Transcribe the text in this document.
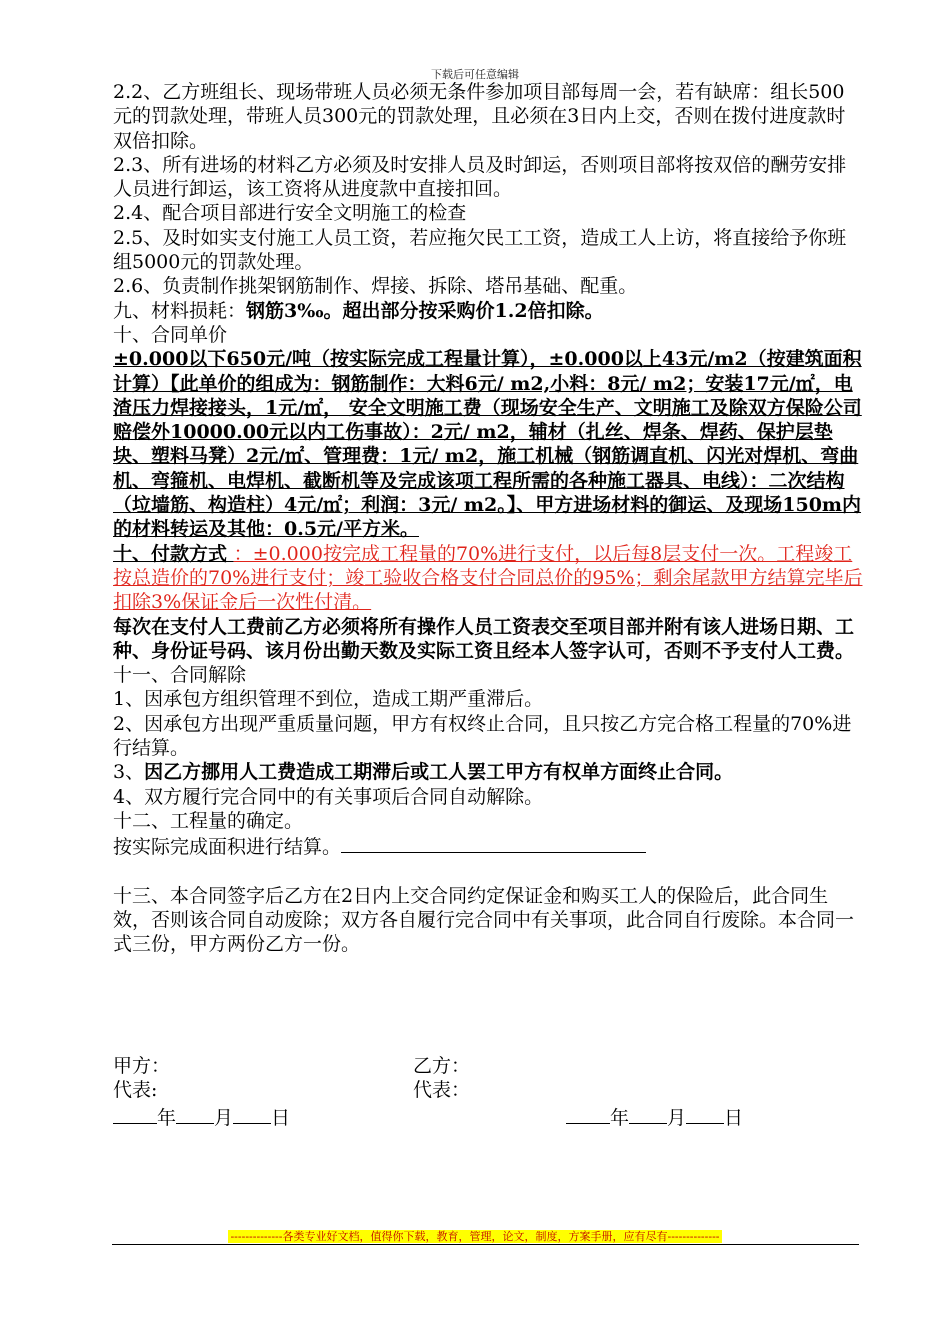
下载后可任意编辑

2.2、乙方班组长、现场带班人员必须无条件参加项目部每周一会，若有缺席：组长500元的罚款处理，带班人员300元的罚款处理，且必须在3日内上交，否则在拨付进度款时双倍扣除。

2.3、所有进场的材料乙方必须及时安排人员及时卸运，否则项目部将按双倍的酬劳安排人员进行卸运，该工资将从进度款中直接扣回。

2.4、配合项目部进行安全文明施工的检查

2.5、及时如实支付施工人员工资，若应拖欠民工工资，造成工人上访，将直接给予你班组5000元的罚款处理。

2.6、负责制作挑架钢筋制作、焊接、拆除、塔吊基础、配重。

九、材料损耗：钢筋3‰。超出部分按采购价1.2倍扣除。

十、合同单价

±0.000以下650元/吨（按实际完成工程量计算），±0.000以上43元/m2（按建筑面积计算）【此单价的组成为：钢筋制作：大料6元/ m2,小料：8元/ m2；安装17元/㎡，电渣压力焊接接头，1元/㎡， 安全文明施工费（现场安全生产、文明施工及除双方保险公司赔偿外10000.00元以内工伤事故）：2元/ m2，辅材（扎丝、焊条、焊药、保护层垫块、塑料马凳）2元/㎡、管理费：1元/ m2，施工机械（钢筋调直机、闪光对焊机、弯曲机、弯箍机、电焊机、截断机等及完成该项工程所需的各种施工器具、电线）：二次结构（垃墙筋、构造柱）4元/㎡；利润：3元/ m2。】、甲方进场材料的御运、及现场150m内的材料转运及其他：0.5元/平方米。

十、付款方式 ：±0.000按完成工程量的70%进行支付，以后每8层支付一次。工程竣工按总造价的70%进行支付；竣工验收合格支付合同总价的95%；剩余尾款甲方结算完毕后扣除3%保证金后一次性付清。

每次在支付人工费前乙方必须将所有操作人员工资表交至项目部并附有该人进场日期、工种、身份证号码、该月份出勤天数及实际工资且经本人签字认可，否则不予支付人工费。

十一、合同解除

1、因承包方组织管理不到位，造成工期严重滞后。

2、因承包方出现严重质量问题，甲方有权终止合同，且只按乙方完合格工程量的70%进行结算。

3、因乙方挪用人工费造成工期滞后或工人罢工甲方有权单方面终止合同。

4、双方履行完合同中的有关事项后合同自动解除。

十二、工程量的确定。

按实际完成面积进行结算。

十三、本合同签字后乙方在2日内上交合同约定保证金和购买工人的保险后，此合同生效，否则该合同自动废除；双方各自履行完合同中有关事项，此合同自行废除。本合同一式三份，甲方两份乙方一份。

甲方：	乙方：
代表:	代表：
年 月 日	年 月 日
--------------各类专业好文档，值得你下载，教育，管理，论文，制度，方案手册，应有尽有--------------
